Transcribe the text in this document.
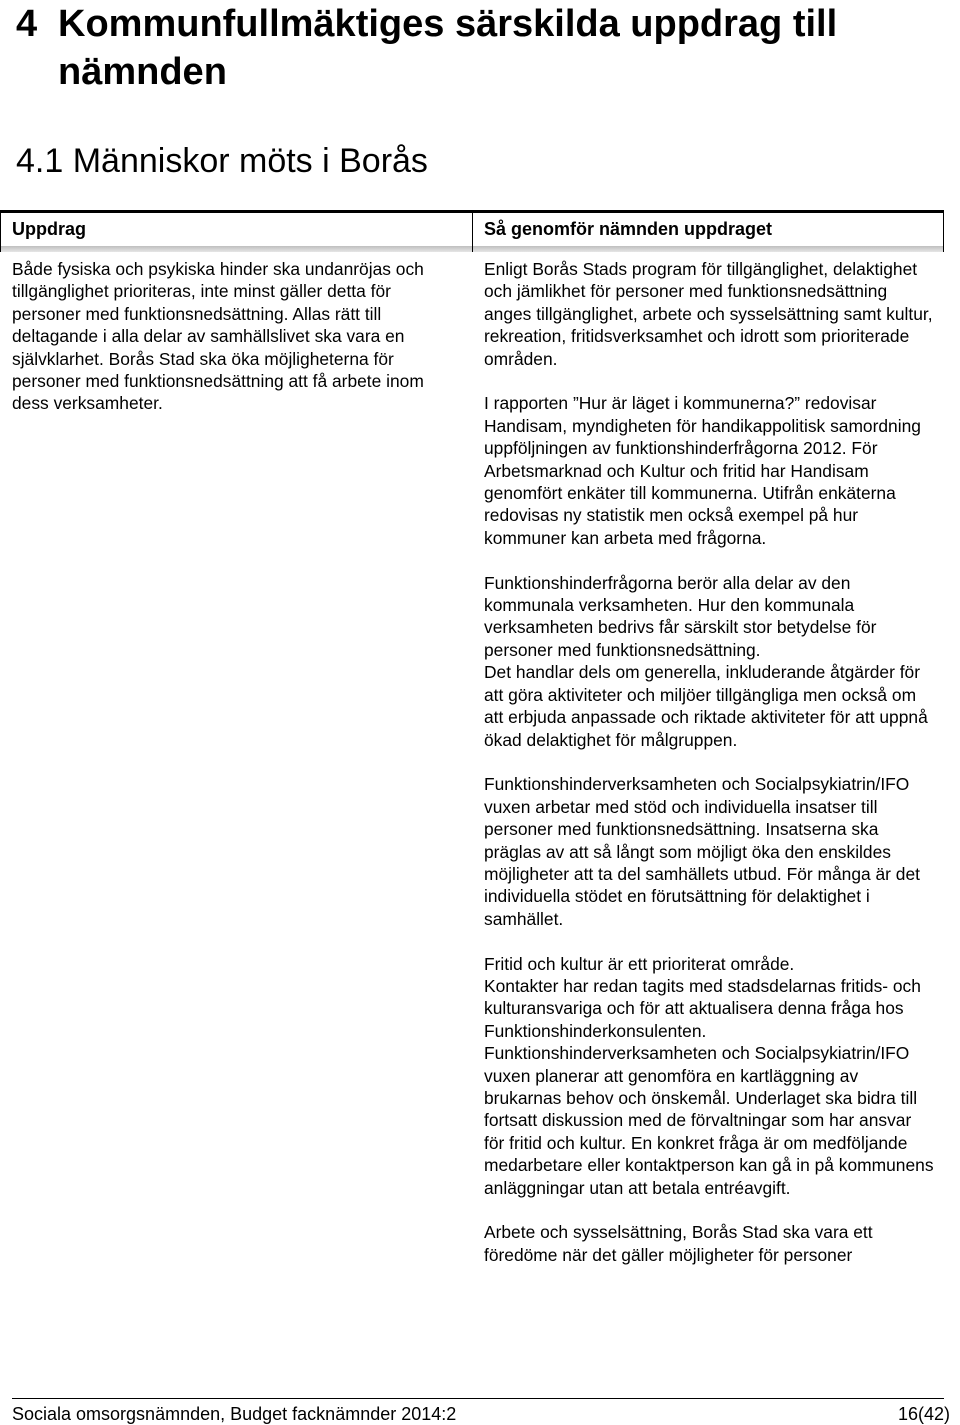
4 Kommunfullmäktiges särskilda uppdrag till
nämnden
4.1 Människor möts i Borås
Uppdrag	Så genomför nämnden uppdraget

Både fysiska och psykiska hinder ska undanröjas och tillgänglighet prioriteras, inte minst gäller detta för personer med funktionsnedsättning. Allas rätt till deltagande i alla delar av samhällslivet ska vara en självklarhet. Borås Stad ska öka möjligheterna för personer med funktionsnedsättning att få arbete inom dess verksamheter.

Enligt Borås Stads program för tillgänglighet, delaktighet och jämlikhet för personer med funktionsnedsättning anges tillgänglighet, arbete och sysselsättning samt kultur, rekreation, fritidsverksamhet och idrott som prioriterade områden.

I rapporten ”Hur är läget i kommunerna?” redovisar Handisam, myndigheten för handikappolitisk samordning uppföljningen av funktionshinderfrågorna 2012. För Arbetsmarknad och Kultur och fritid har Handisam genomfört enkäter till kommunerna. Utifrån enkäterna redovisas ny statistik men också exempel på hur kommuner kan arbeta med frågorna.

Funktionshinderfrågorna berör alla delar av den kommunala verksamheten. Hur den kommunala verksamheten bedrivs får särskilt stor betydelse för personer med funktionsnedsättning.

Det handlar dels om generella, inkluderande åtgärder för att göra aktiviteter och miljöer tillgängliga men också om att erbjuda anpassade och riktade aktiviteter för att uppnå ökad delaktighet för målgruppen.

Funktionshinderverksamheten och Socialpsykiatrin/IFO vuxen arbetar med stöd och individuella insatser till personer med funktionsnedsättning. Insatserna ska präglas av att så långt som möjligt öka den enskildes möjligheter att ta del samhällets utbud. För många är det individuella stödet en förutsättning för delaktighet i samhället.

Fritid och kultur är ett prioriterat område.

Kontakter har redan tagits med stadsdelarnas fritids- och kulturansvariga och för att aktualisera denna fråga hos Funktionshinderkonsulenten.

Funktionshinderverksamheten och Socialpsykiatrin/IFO vuxen planerar att genomföra en kartläggning av brukarnas behov och önskemål. Underlaget ska bidra till fortsatt diskussion med de förvaltningar som har ansvar för fritid och kultur. En konkret fråga är om medföljande medarbetare eller kontaktperson kan gå in på kommunens anläggningar utan att betala entréavgift.

Arbete och sysselsättning, Borås Stad ska vara ett föredöme när det gäller möjligheter för personer

Sociala omsorgsnämnden, Budget facknämnder 2014:2	16(42)
